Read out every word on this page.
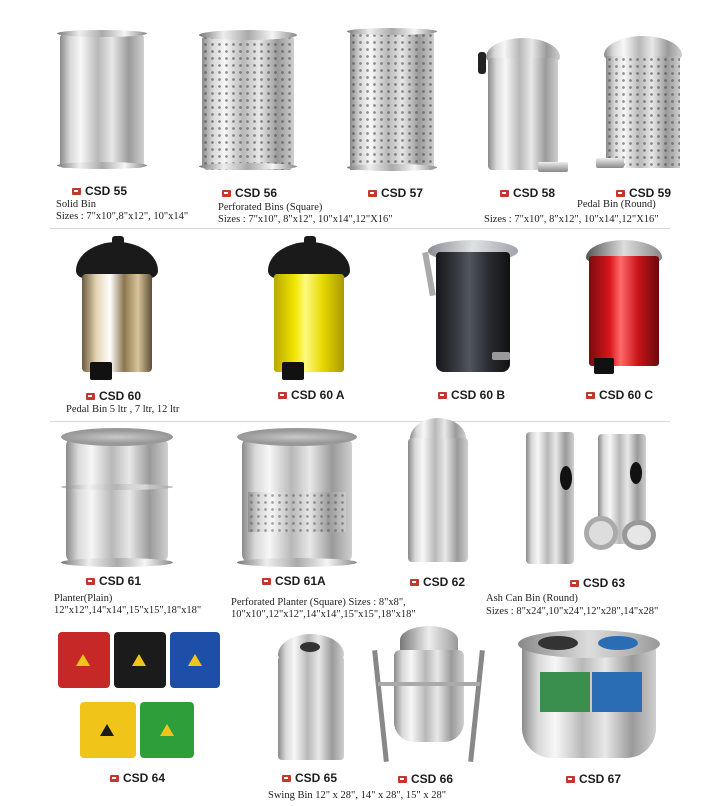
CSD 55
Solid Bin
Sizes : 7"x10",8"x12", 10"x14"
CSD 56
Perforated Bins (Square)
Sizes : 7"x10", 8"x12", 10"x14",12"X16"
CSD 57	CSD 58
Sizes : 7"x10", 8"x12", 10"x14",12"X16"
CSD 59
Pedal Bin (Round)
CSD 60
Pedal Bin 5 ltr , 7 ltr, 12 ltr
CSD 60 A	CSD 60 B	CSD 60 C
CSD 61
Planter(Plain)
12"x12",14"x14",15"x15",18"x18"
CSD 61A
Perforated Planter (Square) Sizes : 8"x8",
10"x10",12"x12",14"x14",15"x15",18"x18"
CSD 62	CSD 63
Ash Can Bin (Round)
Sizes : 8"x24",10"x24",12"x28",14"x28"
CSD 64	CSD 65
Swing Bin 12" x 28", 14" x 28", 15" x 28"
CSD 66	CSD 67
